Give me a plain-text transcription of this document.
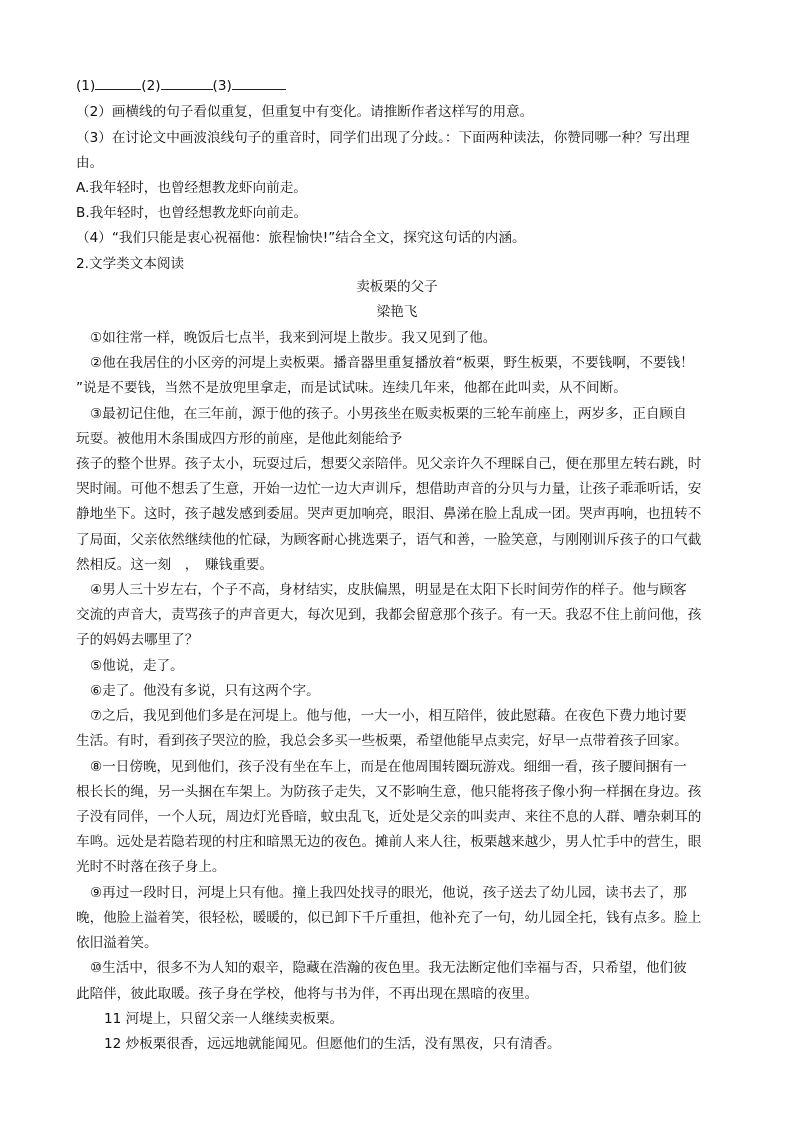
(1)	(2)	(3)
（2）画横线的句子看似重复，但重复中有变化。请推断作者这样写的用意。
（3）在讨论文中画波浪线句子的重音时，同学们出现了分歧。：下面两种读法，你赞同哪一种？写出理
由。
A.我年轻时，也曾经想教龙虾向前走。
B.我年轻时，也曾经想教龙虾向前走。
（4）“我们只能是衷心祝福他：旅程愉快!”结合全文，探究这句话的内涵。
2.文学类文本阅读
卖板栗的父子
梁艳飞
①如往常一样，晚饭后七点半，我来到河堤上散步。我又见到了他。
②他在我居住的小区旁的河堤上卖板栗。播音器里重复播放着“板栗，野生板栗，不要钱啊，不要钱！
”说是不要钱，当然不是放兜里拿走，而是试试味。连续几年来，他都在此叫卖，从不间断。
③最初记住他，在三年前，源于他的孩子。小男孩坐在贩卖板栗的三轮车前座上，两岁多，正自顾自
玩耍。被他用木条围成四方形的前座，是他此刻能给予
孩子的整个世界。孩子太小，玩耍过后，想要父亲陪伴。见父亲许久不理睬自己，便在那里左转右跳，时
哭时闹。可他不想丢了生意，开始一边忙一边大声训斥，想借助声音的分贝与力量，让孩子乖乖听话，安
静地坐下。这时，孩子越发感到委屈。哭声更加响亮，眼泪、鼻涕在脸上乱成一团。哭声再响，也扭转不
了局面，父亲依然继续他的忙碌，为顾客耐心挑选栗子，语气和善，一脸笑意，与刚刚训斥孩子的口气截
然相反。这一刻　，　赚钱重要。
④男人三十岁左右，个子不高，身材结实，皮肤偏黑，明显是在太阳下长时间劳作的样子。他与顾客
交流的声音大，责骂孩子的声音更大，每次见到，我都会留意那个孩子。有一天。我忍不住上前问他，孩
子的妈妈去哪里了？
⑤他说，走了。
⑥走了。他没有多说，只有这两个字。
⑦之后，我见到他们多是在河堤上。他与他，一大一小，相互陪伴，彼此慰藉。在夜色下费力地讨要
生活。有时，看到孩子哭泣的脸，我总会多买一些板栗，希望他能早点卖完，好早一点带着孩子回家。
⑧一日傍晚，见到他们，孩子没有坐在车上，而是在他周围转圈玩游戏。细细一看，孩子腰间捆有一
根长长的绳，另一头捆在车架上。为防孩子走失，又不影响生意，他只能将孩子像小狗一样捆在身边。孩
子没有同伴，一个人玩，周边灯光昏暗，蚊虫乱飞，近处是父亲的叫卖声、来往不息的人群、嘈杂刺耳的
车鸣。远处是若隐若现的村庄和暗黑无边的夜色。摊前人来人往，板栗越来越少，男人忙手中的营生，眼
光时不时落在孩子身上。
⑨再过一段时日，河堤上只有他。撞上我四处找寻的眼光，他说，孩子送去了幼儿园，读书去了，那
晚，他脸上溢着笑，很轻松，暖暖的，似已卸下千斤重担，他补充了一句，幼儿园全托，钱有点多。脸上
依旧溢着笑。
⑩生活中，很多不为人知的艰辛，隐藏在浩瀚的夜色里。我无法断定他们幸福与否，只希望，他们彼
此陪伴，彼此取暖。孩子身在学校，他将与书为伴，不再出现在黑暗的夜里。
11 河堤上，只留父亲一人继续卖板栗。
12 炒板栗很香，远远地就能闻见。但愿他们的生活，没有黑夜，只有清香。
